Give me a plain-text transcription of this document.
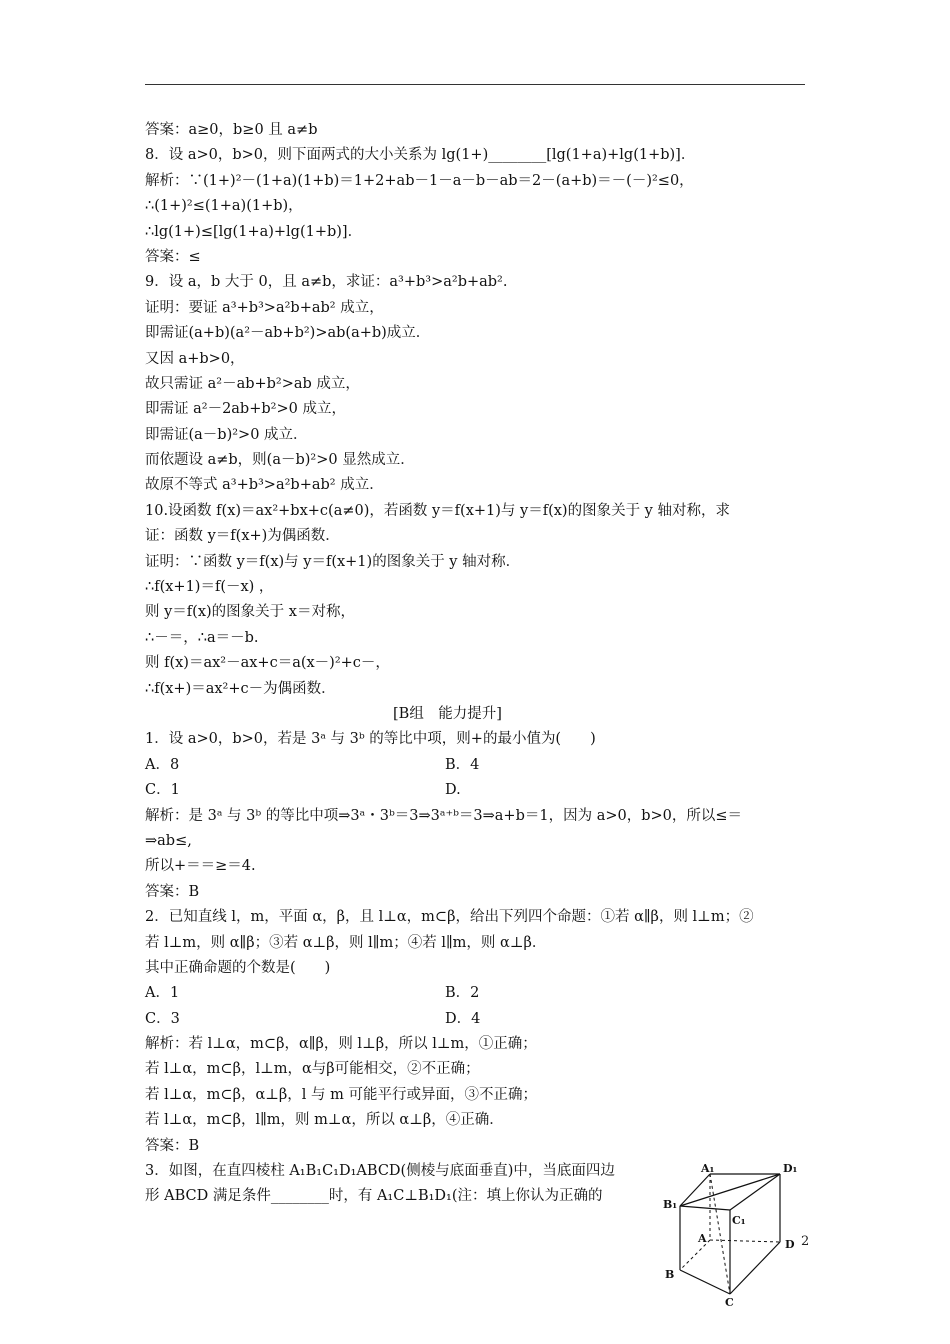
答案：a≥0，b≥0 且 a≠b
8．设 a>0，b>0，则下面两式的大小关系为 lg(1+)________[lg(1+a)+lg(1+b)]．
解析：∵(1+)²－(1+a)(1+b)＝1+2+ab－1－a－b－ab＝2－(a+b)＝－(－)²≤0，
∴(1+)²≤(1+a)(1+b)，
∴lg(1+)≤[lg(1+a)+lg(1+b)]．
答案：≤
9．设 a，b 大于 0，且 a≠b，求证：a³+b³>a²b+ab².
证明：要证 a³+b³>a²b+ab² 成立，
即需证(a+b)(a²－ab+b²)>ab(a+b)成立．
又因 a+b>0，
故只需证 a²－ab+b²>ab 成立，
即需证 a²－2ab+b²>0 成立，
即需证(a－b)²>0 成立．
而依题设 a≠b，则(a－b)²>0 显然成立．
故原不等式 a³+b³>a²b+ab² 成立．
10.设函数 f(x)＝ax²+bx+c(a≠0)，若函数 y＝f(x+1)与 y＝f(x)的图象关于 y 轴对称，求
证：函数 y＝f(x+)为偶函数．
证明：∵函数 y＝f(x)与 y＝f(x+1)的图象关于 y 轴对称．
∴f(x+1)＝f(－x) ，
则 y＝f(x)的图象关于 x＝对称，
∴－＝，∴a＝－b.
则 f(x)＝ax²－ax+c＝a(x－)²+c－，
∴f(x+)＝ax²+c－为偶函数．
[B组　能力提升]
1．设 a>0，b>0，若是 3ᵃ 与 3ᵇ 的等比中项，则+的最小值为(　　)
A．8	B．4
C．1	D.
解析：是 3ᵃ 与 3ᵇ 的等比中项⇒3ᵃ・3ᵇ＝3⇒3ᵃ⁺ᵇ＝3⇒a+b＝1，因为 a>0，b>0，所以≤＝
⇒ab≤,
所以+＝＝≥＝4.
答案：B
2．已知直线 l，m，平面 α，β，且 l⊥α，m⊂β，给出下列四个命题：①若 α∥β，则 l⊥m；②
若 l⊥m，则 α∥β；③若 α⊥β，则 l∥m；④若 l∥m，则 α⊥β．
其中正确命题的个数是(　　)
A．1	B．2
C．3	D．4
解析：若 l⊥α，m⊂β，α∥β，则 l⊥β，所以 l⊥m，①正确；
若 l⊥α，m⊂β，l⊥m，α与β可能相交，②不正确；
若 l⊥α，m⊂β，α⊥β，l 与 m 可能平行或异面，③不正确；
若 l⊥α，m⊂β，l∥m，则 m⊥α，所以 α⊥β，④正确．
答案：B
3．如图，在直四棱柱 A₁B₁C₁D₁ABCD(侧棱与底面垂直)中，当底面四边
形 ABCD 满足条件________时，有 A₁C⊥B₁D₁(注：填上你认为正确的
A₁	D₁
B₁
C₁
A	D
B
C
2
